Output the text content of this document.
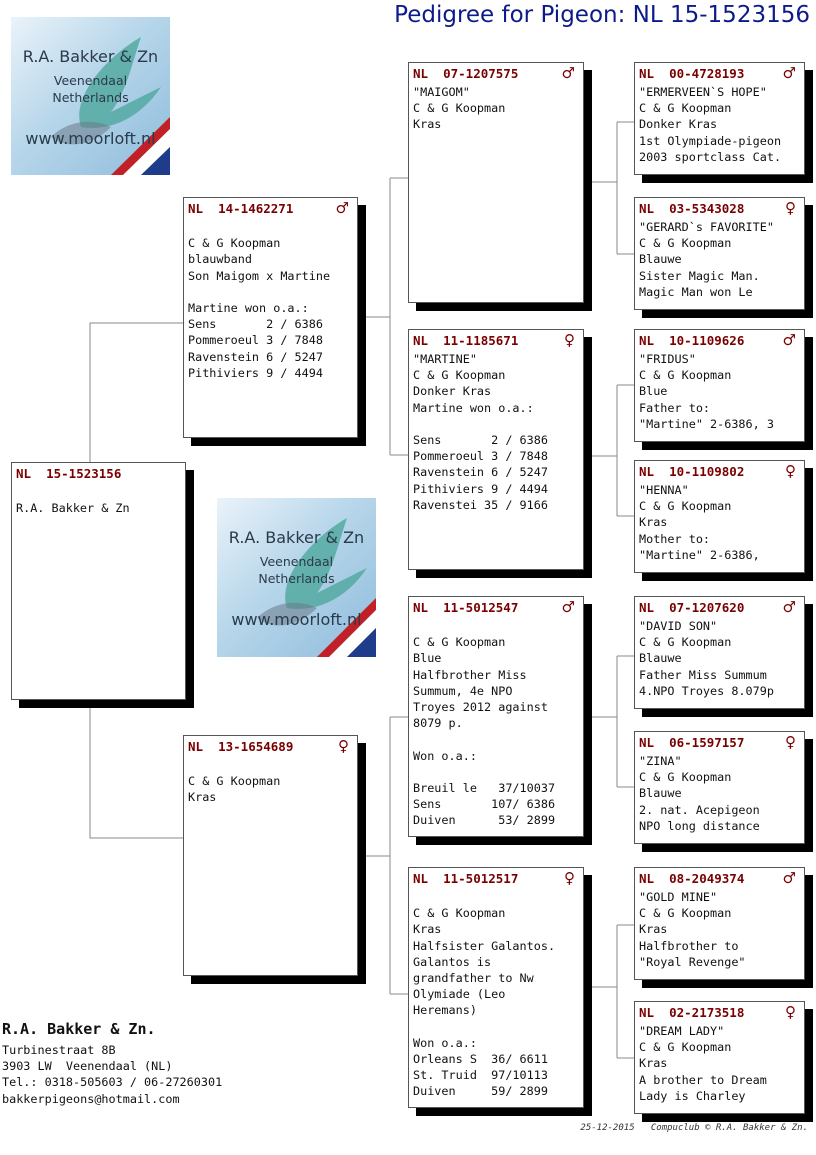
Pedigree for Pigeon: NL 15-1523156
R.A. Bakker & Zn
Veenendaal
Netherlands
www.moorloft.nl
R.A. Bakker & Zn
Veenendaal
Netherlands
www.moorloft.nl
NL  15-1523156
R.A. Bakker & Zn
NL  14-1462271	♂
C & G Koopman
blauwband
Son Maigom x Martine
Martine won o.a.:
Sens       2 / 6386
Pommeroeul 3 / 7848
Ravenstein 6 / 5247
Pithiviers 9 / 4494
NL  13-1654689	♀
C & G Koopman
Kras
NL  07-1207575	♂
"MAIGOM"
C & G Koopman
Kras
NL  11-1185671	♀
"MARTINE"
C & G Koopman
Donker Kras
Martine won o.a.:
Sens       2 / 6386
Pommeroeul 3 / 7848
Ravenstein 6 / 5247
Pithiviers 9 / 4494
Ravenstei 35 / 9166
NL  11-5012547	♂
C & G Koopman
Blue
Halfbrother Miss
Summum, 4e NPO
Troyes 2012 against
8079 p.
Won o.a.:
Breuil le   37/10037
Sens       107/ 6386
Duiven      53/ 2899
NL  11-5012517	♀
C & G Koopman
Kras
Halfsister Galantos.
Galantos is
grandfather to Nw
Olymiade (Leo
Heremans)
Won o.a.:
Orleans S  36/ 6611
St. Truid  97/10113
Duiven     59/ 2899
NL  00-4728193	♂
"ERMERVEEN`S HOPE"
C & G Koopman
Donker Kras
1st Olympiade-pigeon
2003 sportclass Cat.
NL  03-5343028	♀
"GERARD`s FAVORITE"
C & G Koopman
Blauwe
Sister Magic Man.
Magic Man won Le
NL  10-1109626	♂
"FRIDUS"
C & G Koopman
Blue
Father to:
"Martine" 2-6386, 3
NL  10-1109802	♀
"HENNA"
C & G Koopman
Kras
Mother to:
"Martine" 2-6386,
NL  07-1207620	♂
"DAVID SON"
C & G Koopman
Blauwe
Father Miss Summum
4.NPO Troyes 8.079p
NL  06-1597157	♀
"ZINA"
C & G Koopman
Blauwe
2. nat. Acepigeon
NPO long distance
NL  08-2049374	♂
"GOLD MINE"
C & G Koopman
Kras
Halfbrother to
"Royal Revenge"
NL  02-2173518	♀
"DREAM LADY"
C & G Koopman
Kras
A brother to Dream
Lady is Charley
R.A. Bakker & Zn.
Turbinestraat 8B
3903 LW  Veenendaal (NL)
Tel.: 0318-505603 / 06-27260301
bakkerpigeons@hotmail.com
25-12-2015   Compuclub © R.A. Bakker & Zn.
